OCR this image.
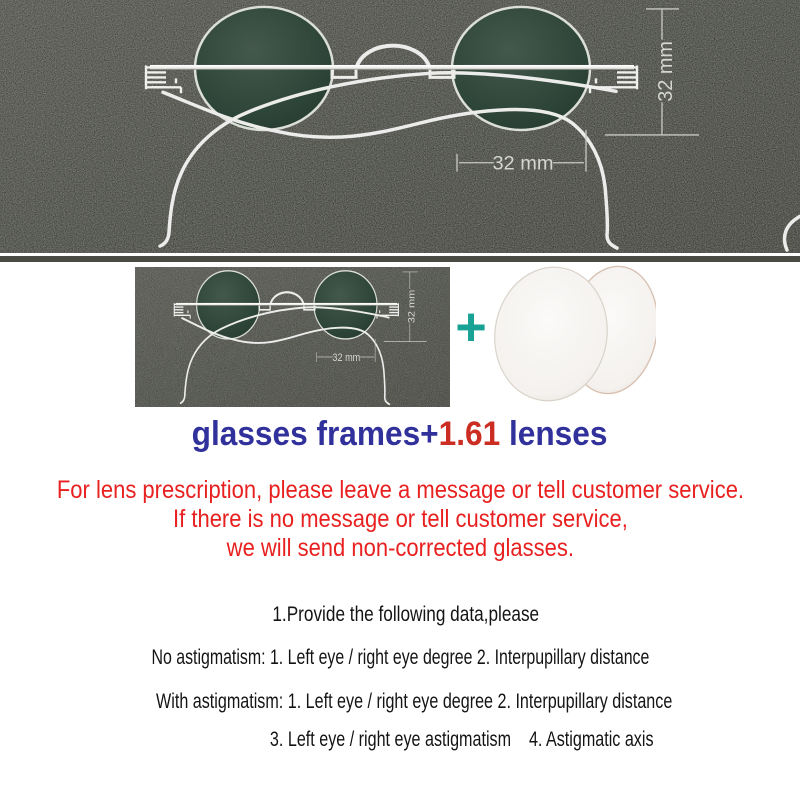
+
glasses frames+1.61 lenses
For lens prescription, please leave a message or tell customer service.
If there is no message or tell customer service,
we will send non-corrected glasses.
1.Provide the following data,please
No astigmatism: 1. Left eye / right eye degree 2. Interpupillary distance
With astigmatism: 1. Left eye / right eye degree 2. Interpupillary distance
3. Left eye / right eye astigmatism    4. Astigmatic axis
